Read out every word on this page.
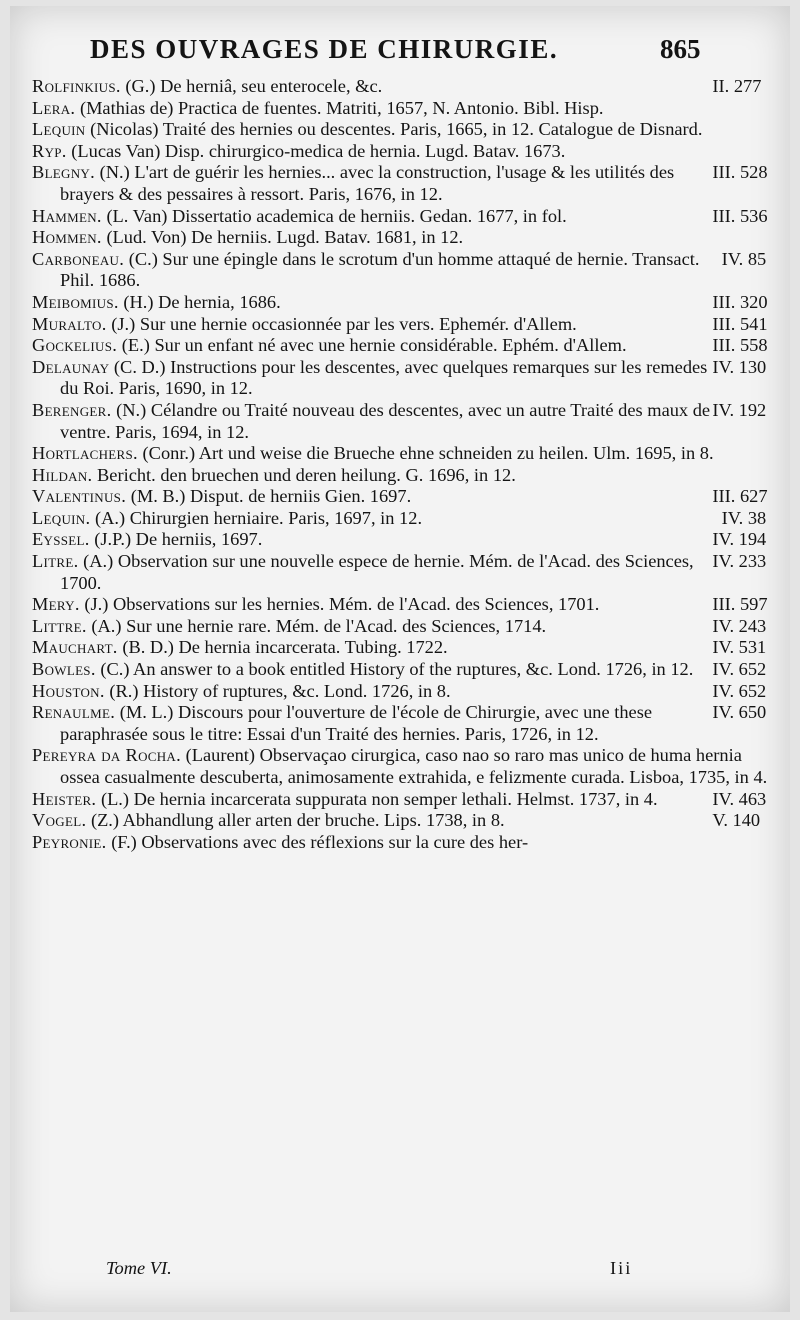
DES OUVRAGES DE CHIRURGIE.	865
II. 277
Rolfinkius. (G.) De herniâ, seu enterocele, &c.
Lera. (Mathias de) Practica de fuentes. Matriti, 1657, N. Antonio. Bibl. Hisp.
Lequin (Nicolas) Traité des hernies ou descentes. Paris, 1665, in 12. Catalogue de Disnard.
Ryp. (Lucas Van) Disp. chirurgico-medica de hernia. Lugd. Batav. 1673.
III. 528
Blegny. (N.) L'art de guérir les hernies... avec la construction, l'usage & les utilités des brayers & des pessaires à ressort. Paris, 1676, in 12.
III. 536
Hammen. (L. Van) Dissertatio academica de herniis. Gedan. 1677, in fol.
Hommen. (Lud. Von) De herniis. Lugd. Batav. 1681, in 12.
IV. 85
Carboneau. (C.) Sur une épingle dans le scrotum d'un homme attaqué de hernie. Transact. Phil. 1686.
III. 320
Meibomius. (H.) De hernia, 1686.
III. 541
Muralto. (J.) Sur une hernie occasionnée par les vers. Ephemér. d'Allem.
III. 558
Gockelius. (E.) Sur un enfant né avec une hernie considérable. Ephém. d'Allem.
IV. 130
Delaunay (C. D.) Instructions pour les descentes, avec quelques remarques sur les remedes du Roi. Paris, 1690, in 12.
IV. 192
Berenger. (N.) Célandre ou Traité nouveau des descentes, avec un autre Traité des maux de ventre. Paris, 1694, in 12.
Hortlachers. (Conr.) Art und weise die Brueche ehne schneiden zu heilen. Ulm. 1695, in 8.
Hildan. Bericht. den bruechen und deren heilung. G. 1696, in 12.
III. 627
Valentinus. (M. B.) Disput. de herniis Gien. 1697.
IV. 38
Lequin. (A.) Chirurgien herniaire. Paris, 1697, in 12.
IV. 194
Eyssel. (J.P.) De herniis, 1697.
IV. 233
Litre. (A.) Observation sur une nouvelle espece de hernie. Mém. de l'Acad. des Sciences, 1700.
III. 597
Mery. (J.) Observations sur les hernies. Mém. de l'Acad. des Sciences, 1701.
IV. 243
Littre. (A.) Sur une hernie rare. Mém. de l'Acad. des Sciences, 1714.
IV. 531
Mauchart. (B. D.) De hernia incarcerata. Tubing. 1722.
IV. 652
Bowles. (C.) An answer to a book entitled History of the ruptures, &c. Lond. 1726, in 12.
IV. 652
Houston. (R.) History of ruptures, &c. Lond. 1726, in 8.
IV. 650
Renaulme. (M. L.) Discours pour l'ouverture de l'école de Chirurgie, avec une these paraphrasée sous le titre: Essai d'un Traité des hernies. Paris, 1726, in 12.
Pereyra da Rocha. (Laurent) Observaçao cirurgica, caso nao so raro mas unico de huma hernia ossea casualmente descuberta, animosamente extrahida, e felizmente curada. Lisboa, 1735, in 4.
IV. 463
Heister. (L.) De hernia incarcerata suppurata non semper lethali. Helmst. 1737, in 4.
V. 140
Vogel. (Z.) Abhandlung aller arten der bruche. Lips. 1738, in 8.
Peyronie. (F.) Observations avec des réflexions sur la cure des her-
Tome VI.	Iii
